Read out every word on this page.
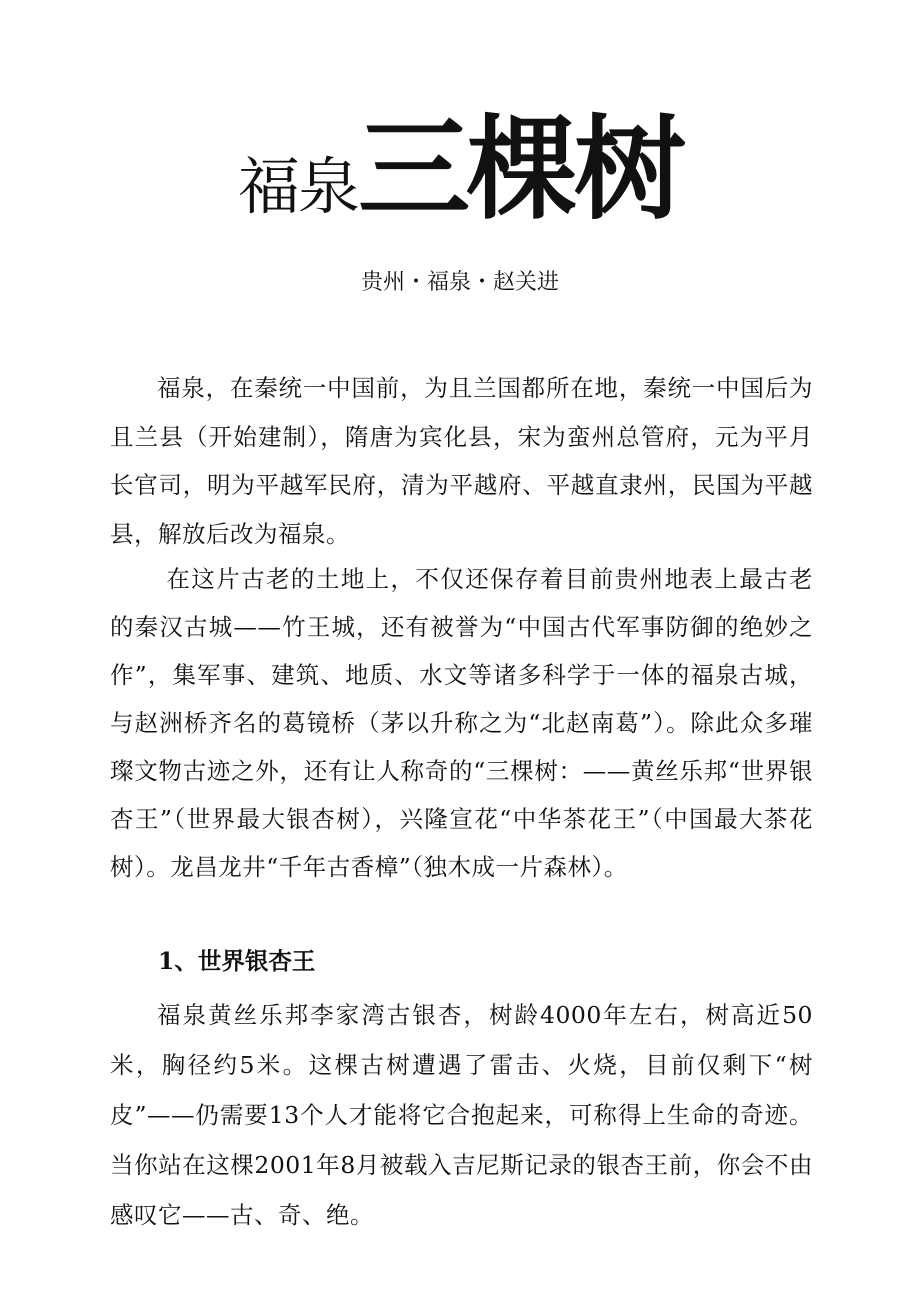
福泉三棵树
贵州・福泉・赵关进

福泉，在秦统一中国前，为且兰国都所在地，秦统一中国后为且兰县（开始建制），隋唐为宾化县，宋为蛮州总管府，元为平月长官司，明为平越军民府，清为平越府、平越直隶州，民国为平越县，解放后改为福泉。

在这片古老的土地上，不仅还保存着目前贵州地表上最古老的秦汉古城——竹王城，还有被誉为“中国古代军事防御的绝妙之作”，集军事、建筑、地质、水文等诸多科学于一体的福泉古城，与赵洲桥齐名的葛镜桥（茅以升称之为“北赵南葛”）。除此众多璀璨文物古迹之外，还有让人称奇的“三棵树：——黄丝乐邦“世界银杏王”（世界最大银杏树），兴隆宣花“中华茶花王”（中国最大茶花树）。龙昌龙井“千年古香樟”（独木成一片森林）。

1、世界银杏王

福泉黄丝乐邦李家湾古银杏，树龄4000年左右，树高近50米，胸径约5米。这棵古树遭遇了雷击、火烧，目前仅剩下“树皮”——仍需要13个人才能将它合抱起来，可称得上生命的奇迹。当你站在这棵2001年8月被载入吉尼斯记录的银杏王前，你会不由感叹它——古、奇、绝。
